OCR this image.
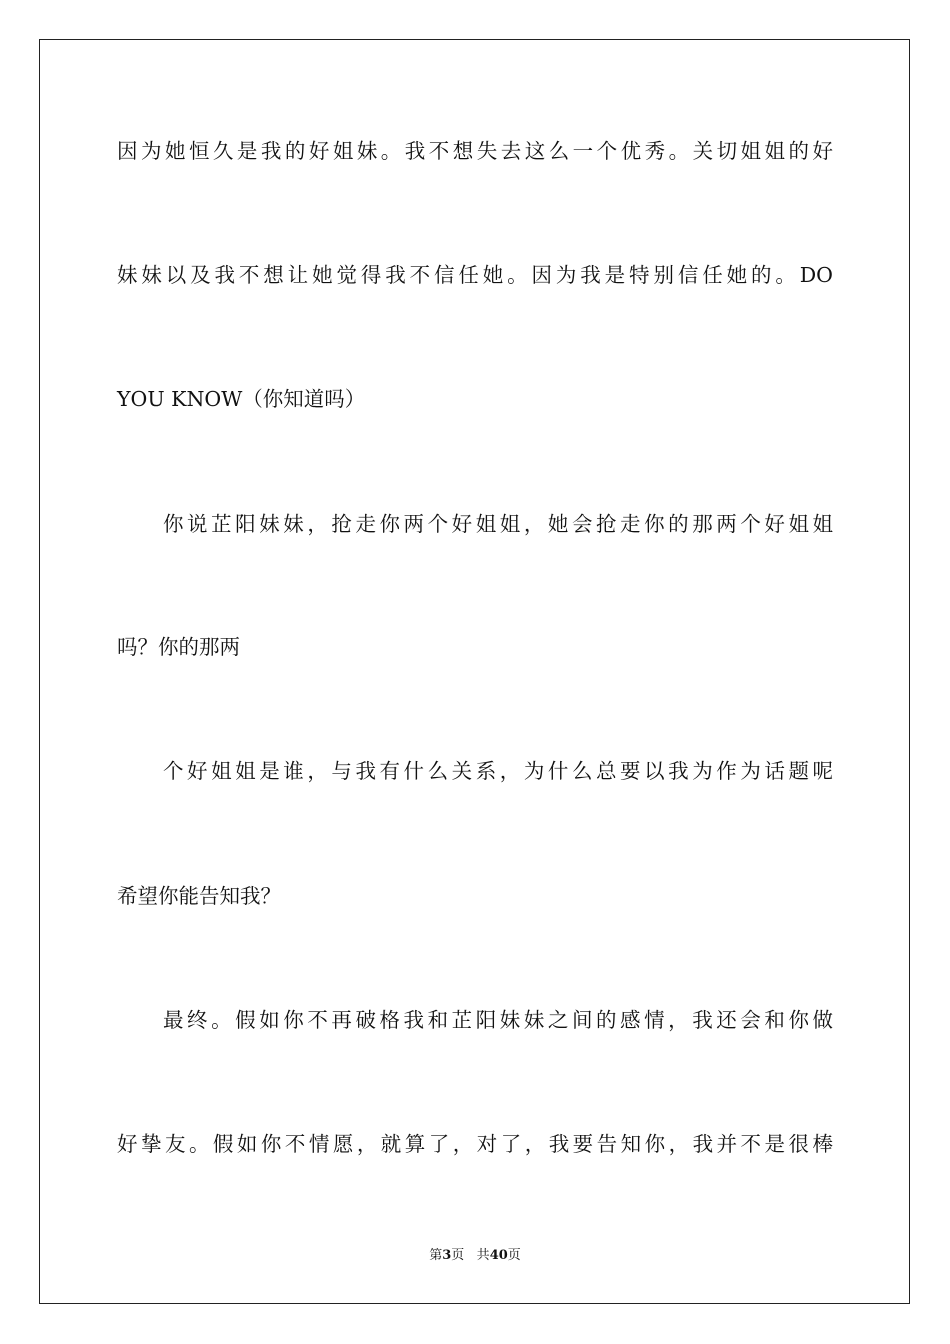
因为她恒久是我的好姐妹。我不想失去这么一个优秀。关切姐姐的好
妹妹以及我不想让她觉得我不信任她。因为我是特别信任她的。DO
YOU KNOW（你知道吗）
你说芷阳妹妹，抢走你两个好姐姐，她会抢走你的那两个好姐姐
吗？你的那两
个好姐姐是谁，与我有什么关系，为什么总要以我为作为话题呢
希望你能告知我？
最终。假如你不再破格我和芷阳妹妹之间的感情，我还会和你做
好挚友。假如你不情愿，就算了，对了，我要告知你，我并不是很棒
第3页 共40页
